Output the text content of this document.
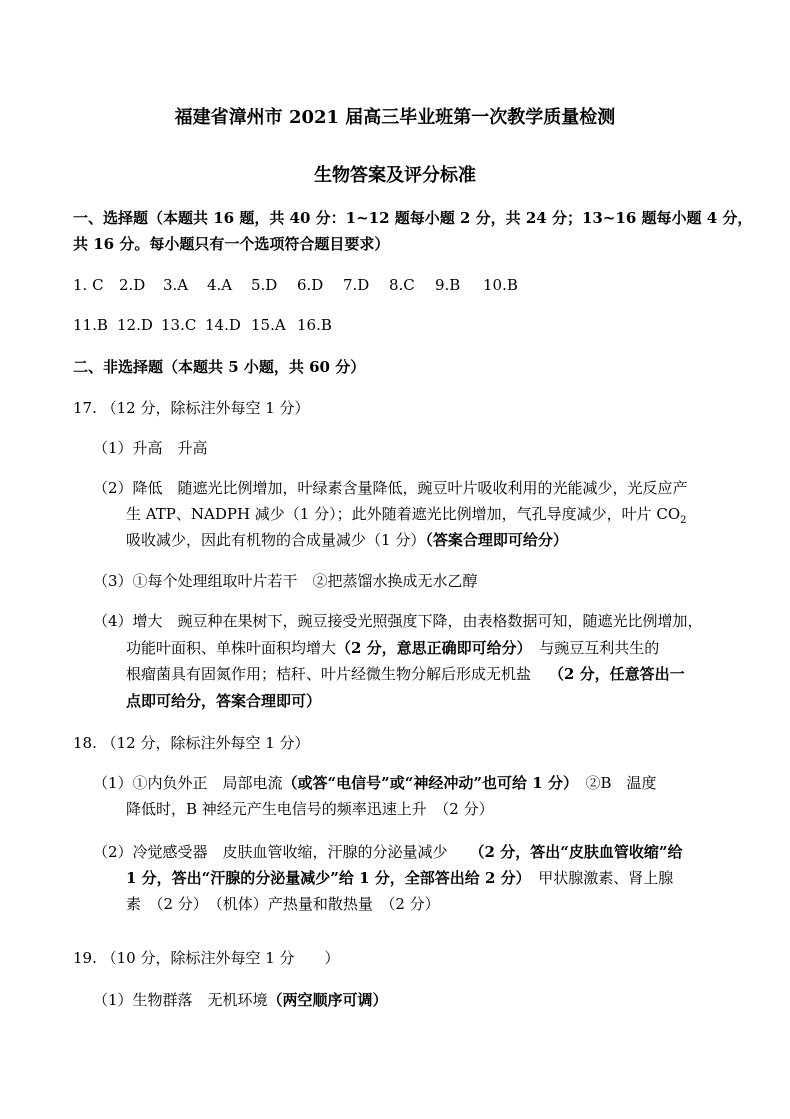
福建省漳州市 2021 届高三毕业班第一次教学质量检测
生物答案及评分标准
一、选择题（本题共 16 题，共 40 分：1~12 题每小题 2 分，共 24 分；13~16 题每小题 4 分，
共 16 分。每小题只有一个选项符合题目要求）
1. C 2.D 3.A 4.A 5.D 6.D 7.D 8.C 9.B 10.B
11.B 12.D 13.C 14.D 15.A 16.B
二、非选择题（本题共 5 小题，共 60 分）
17. （12 分，除标注外每空 1 分）
（1）升高　升高
（2）降低　随遮光比例增加，叶绿素含量降低，豌豆叶片吸收利用的光能减少，光反应产
生 ATP、NADPH 减少（1 分）；此外随着遮光比例增加，气孔导度减少，叶片 $CO_2$
吸收减少，因此有机物的合成量减少（1 分）（答案合理即可给分）
（3）①每个处理组取叶片若干　②把蒸馏水换成无水乙醇
（4）增大　豌豆种在果树下，豌豆接受光照强度下降，由表格数据可知，随遮光比例增加，
功能叶面积、单株叶面积均增大（2 分，意思正确即可给分）　与豌豆互利共生的
根瘤菌具有固氮作用；桔秆、叶片经微生物分解后形成无机盐 （2 分，任意答出一
点即可给分，答案合理即可）
18. （12 分，除标注外每空 1 分）
（1）①内负外正　局部电流（或答“电信号”或“神经冲动”也可给 1 分）　②B　温度
降低时，B 神经元产生电信号的频率迅速上升　（2 分）
（2）冷觉感受器　皮肤血管收缩，汗腺的分泌量减少 （2 分，答出“皮肤血管收缩”给
1 分，答出“汗腺的分泌量减少”给 1 分，全部答出给 2 分）　甲状腺激素、肾上腺
素　（2 分）　（机体）产热量和散热量　（2 分）
19. （10 分，除标注外每空 1 分　　）
（1）生物群落　无机环境（两空顺序可调）
